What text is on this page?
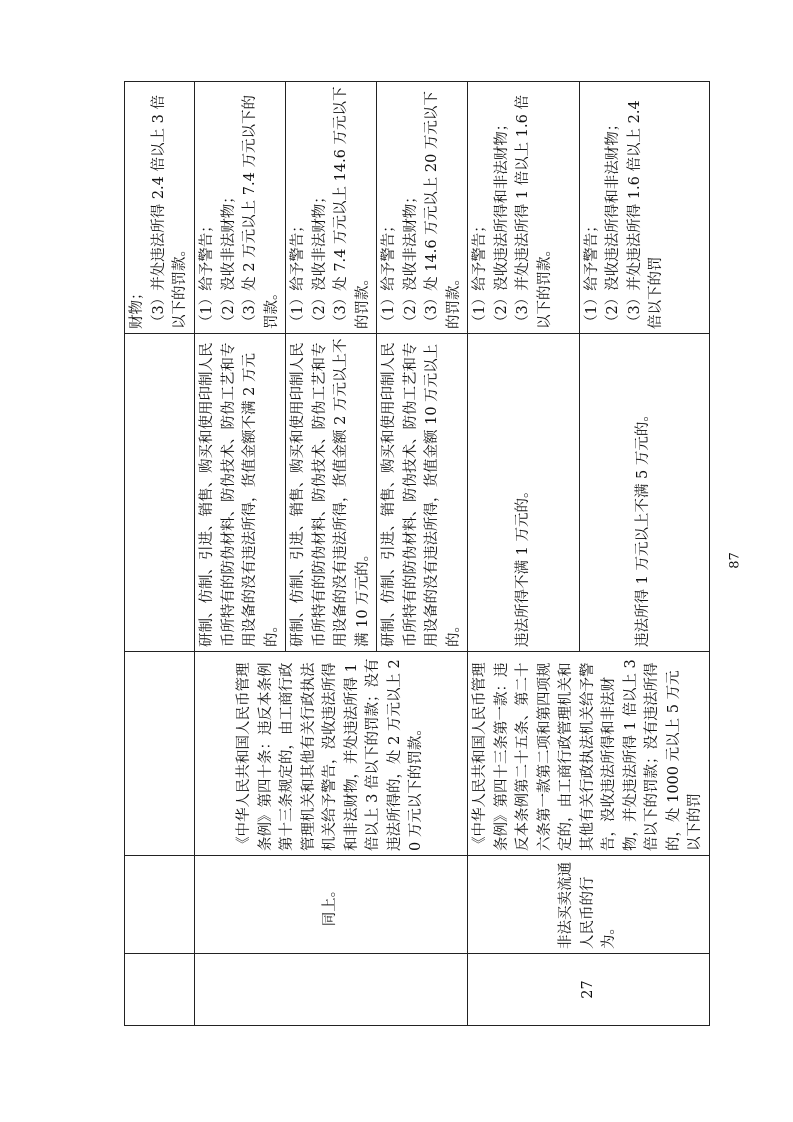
				财物； （3）并处违法所得 2.4 倍以上 3 倍以下的罚款。

	同上。	《中华人民共和国人民币管理条例》第四十条：违反本条例第十三条规定的，由工商行政管理机关和其他有关行政执法机关给予警告，没收违法所得和非法财物，并处违法所得 1 倍以上 3 倍以下的罚款；没有违法所得的，处 2 万元以上 20 万元以下的罚款。	研制、仿制、引进、销售、购买和使用印制人民币所特有的防伪材料、防伪技术、防伪工艺和专用设备的没有违法所得，货值金额不满 2 万元的。	（1）给予警告； （2）没收非法财物； （3）处 2 万元以上 7.4 万元以下的罚款。

			研制、仿制、引进、销售、购买和使用印制人民币所特有的防伪材料、防伪技术、防伪工艺和专用设备的没有违法所得，货值金额 2 万元以上不满 10 万元的。	（1）给予警告； （2）没收非法财物； （3）处 7.4 万元以上 14.6 万元以下的罚款。

			研制、仿制、引进、销售、购买和使用印制人民币所特有的防伪材料、防伪技术、防伪工艺和专用设备的没有违法所得，货值金额 10 万元以上的。	（1）给予警告； （2）没收非法财物； （3）处 14.6 万元以上 20 万元以下的罚款。

27	非法买卖流通人民币的行为。	《中华人民共和国人民币管理条例》第四十三条第一款：违反本条例第二十五条、第二十六条第一款第二项和第四项规定的，由工商行政管理机关和其他有关行政执法机关给予警告，没收违法所得和非法财物，并处违法所得 1 倍以上 3 倍以下的罚款；没有违法所得的，处 1000 元以上 5 万元以下的罚	违法所得不满 1 万元的。	（1）给予警告； （2）没收违法所得和非法财物； （3）并处违法所得 1 倍以上 1.6 倍以下的罚款。

			违法所得 1 万元以上不满 5 万元的。	（1）给予警告； （2）没收违法所得和非法财物； （3）并处违法所得 1.6 倍以上 2.4 倍以下的罚
87
